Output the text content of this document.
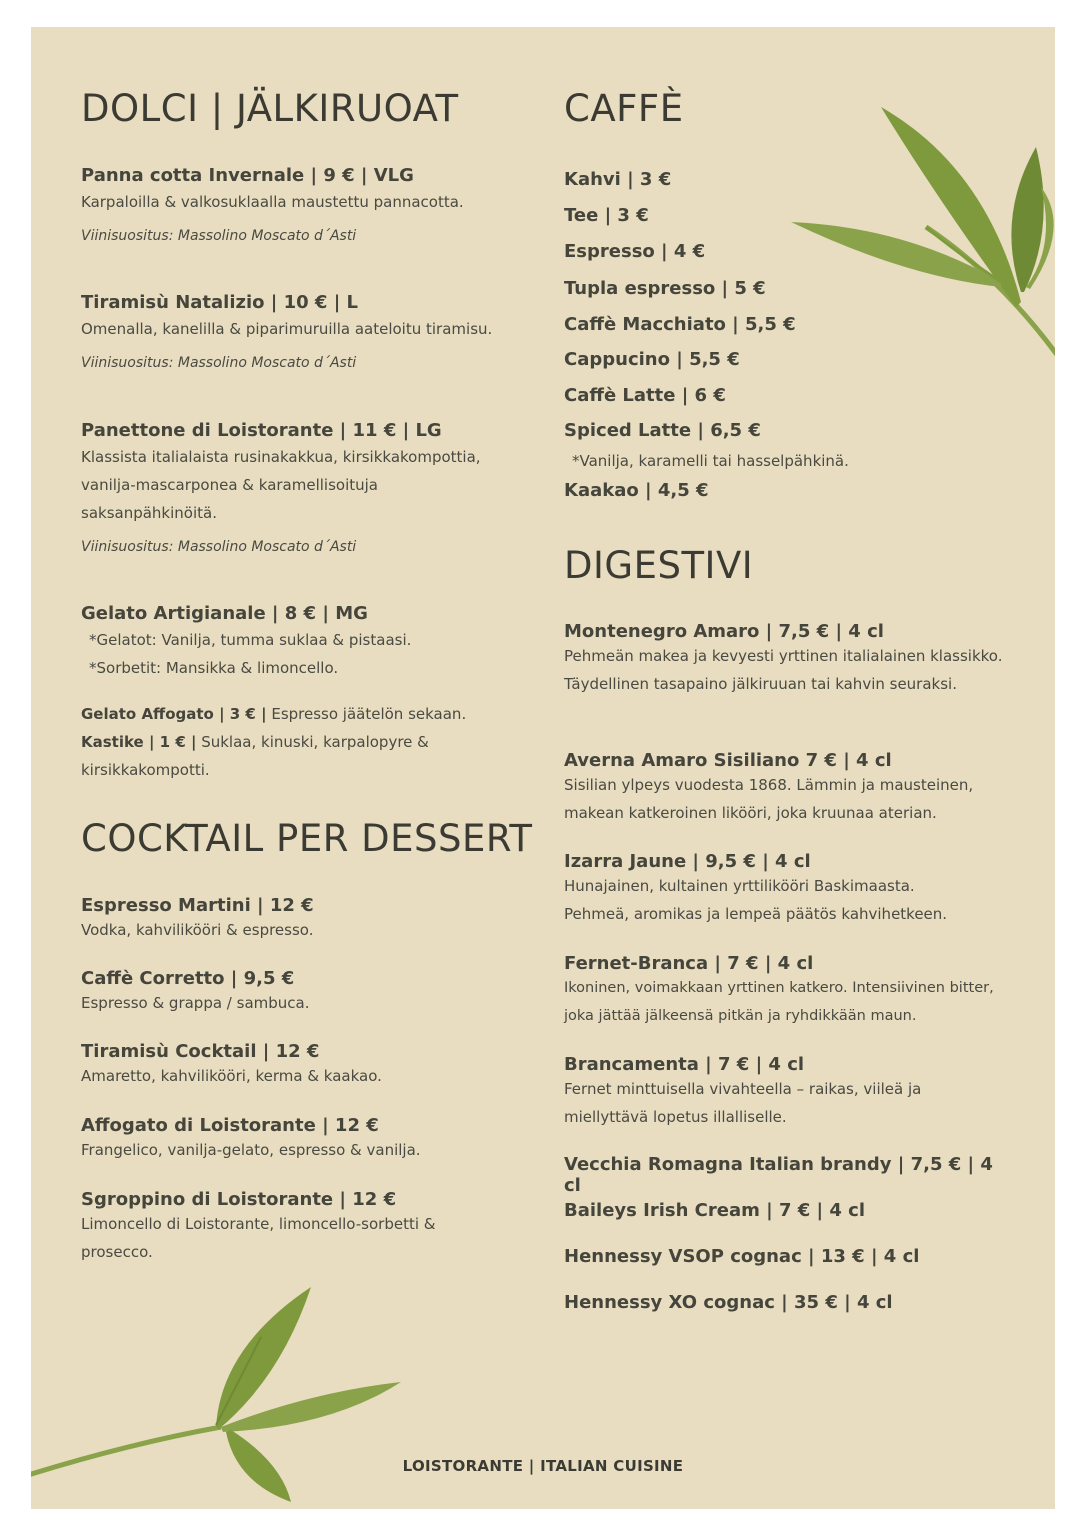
DOLCI | JÄLKIRUOAT
Panna cotta Invernale | 9 € | VLG
Karpaloilla & valkosuklaalla maustettu pannacotta.
Viinisuositus: Massolino Moscato d´Asti
Tiramisù Natalizio | 10 € | L
Omenalla, kanelilla & piparimuruilla aateloitu tiramisu.
Viinisuositus: Massolino Moscato d´Asti
Panettone di Loistorante | 11 € | LG
Klassista italialaista rusinakakkua, kirsikkakompottia, vanilja-mascarponea & karamellisoituja saksanpähkinöitä.
Viinisuositus: Massolino Moscato d´Asti
Gelato Artigianale | 8 € | MG
*Gelatot: Vanilja, tumma suklaa & pistaasi.
*Sorbetit: Mansikka & limoncello.
Gelato Affogato | 3 € | Espresso jäätelön sekaan.
Kastike | 1 € | Suklaa, kinuski, karpalopyre & kirsikkakompotti.
COCKTAIL PER DESSERT
Espresso Martini | 12 €
Vodka, kahvilikööri & espresso.
Caffè Corretto | 9,5 €
Espresso & grappa / sambuca.
Tiramisù Cocktail | 12 €
Amaretto, kahvilikööri, kerma & kaakao.
Affogato di Loistorante | 12 €
Frangelico, vanilja-gelato, espresso & vanilja.
Sgroppino di Loistorante | 12 €
Limoncello di Loistorante, limoncello-sorbetti & prosecco.
CAFFÈ
Kahvi | 3 €
Tee | 3 €
Espresso | 4 €
Tupla espresso | 5 €
Caffè Macchiato | 5,5 €
Cappucino | 5,5 €
Caffè Latte | 6 €
Spiced Latte | 6,5 €
*Vanilja, karamelli tai hasselpähkinä.
Kaakao | 4,5 €
DIGESTIVI
Montenegro Amaro | 7,5 € | 4 cl
Pehmeän makea ja kevyesti yrttinen italialainen klassikko. Täydellinen tasapaino jälkiruuan tai kahvin seuraksi.
Averna Amaro Sisiliano 7 € | 4 cl
Sisilian ylpeys vuodesta 1868. Lämmin ja mausteinen, makean katkeroinen likööri, joka kruunaa aterian.
Izarra Jaune | 9,5 € | 4 cl
Hunajainen, kultainen yrttilikööri Baskimaasta. Pehmeä, aromikas ja lempeä päätös kahvihetkeen.
Fernet-Branca | 7 € | 4 cl
Ikoninen, voimakkaan yrttinen katkero. Intensiivinen bitter, joka jättää jälkeensä pitkän ja ryhdikkään maun.
Brancamenta | 7 € | 4 cl
Fernet minttuisella vivahteella – raikas, viileä ja miellyttävä lopetus illalliselle.
Vecchia Romagna Italian brandy | 7,5 € | 4 cl
Baileys Irish Cream | 7 € | 4 cl
Hennessy VSOP cognac | 13 € | 4 cl
Hennessy XO cognac | 35 € | 4 cl
LOISTORANTE | ITALIAN CUISINE
